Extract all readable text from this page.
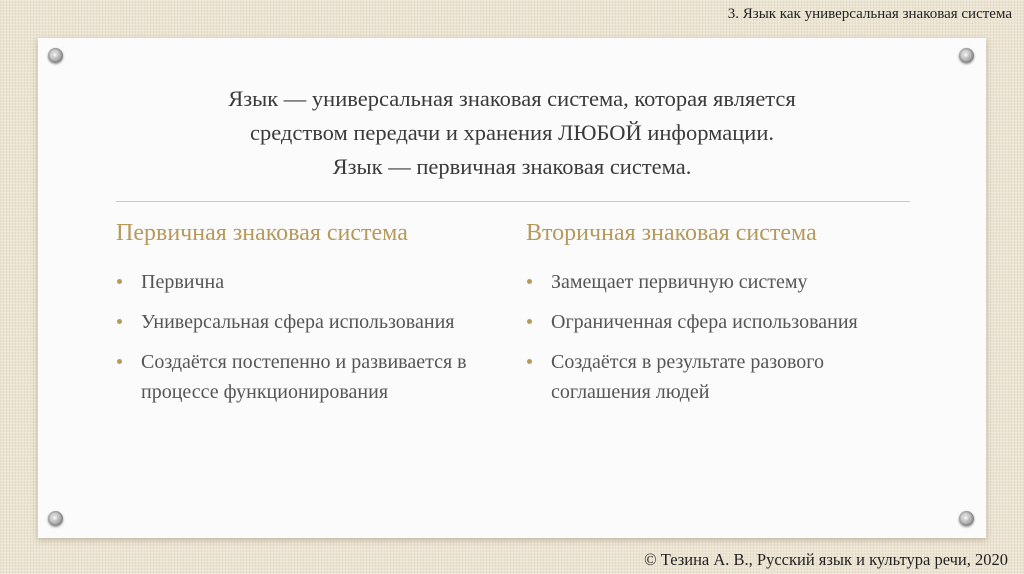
3. Язык как универсальная знаковая система
Язык — универсальная знаковая система, которая является
средством передачи и хранения ЛЮБОЙ информации.
Язык — первичная знаковая система.
Первичная знаковая система
Первична
Универсальная сфера использования
Создаётся постепенно и развивается в процессе функционирования
Вторичная знаковая система
Замещает первичную систему
Ограниченная сфера использования
Создаётся в результате разового соглашения людей
© Тезина А. В., Русский язык и культура речи, 2020
